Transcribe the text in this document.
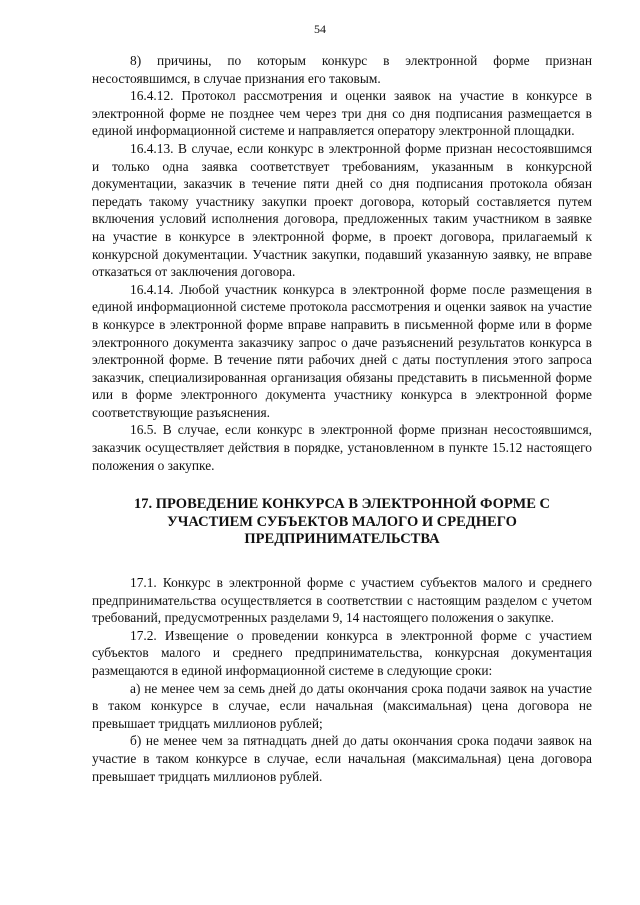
54

8) причины, по которым конкурс в электронной форме признан несостоявшимся, в случае признания его таковым.

16.4.12. Протокол рассмотрения и оценки заявок на участие в конкурсе в электронной форме не позднее чем через три дня со дня подписания размещается в единой информационной системе и направляется оператору электронной площадки.

16.4.13. В случае, если конкурс в электронной форме признан несостоявшимся и только одна заявка соответствует требованиям, указанным в конкурсной документации, заказчик в течение пяти дней со дня подписания протокола обязан передать такому участнику закупки проект договора, который составляется путем включения условий исполнения договора, предложенных таким участником в заявке на участие в конкурсе в электронной форме, в проект договора, прилагаемый к конкурсной документации. Участник закупки, подавший указанную заявку, не вправе отказаться от заключения договора.

16.4.14. Любой участник конкурса в электронной форме после размещения в единой информационной системе протокола рассмотрения и оценки заявок на участие в конкурсе в электронной форме вправе направить в письменной форме или в форме электронного документа заказчику запрос о даче разъяснений результатов конкурса в электронной форме. В течение пяти рабочих дней с даты поступления этого запроса заказчик, специализированная организация обязаны представить в письменной форме или в форме электронного документа участнику конкурса в электронной форме соответствующие разъяснения.

16.5. В случае, если конкурс в электронной форме признан несостоявшимся, заказчик осуществляет действия в порядке, установленном в пункте 15.12 настоящего положения о закупке.

17. ПРОВЕДЕНИЕ КОНКУРСА В ЭЛЕКТРОННОЙ ФОРМЕ С УЧАСТИЕМ СУБЪЕКТОВ МАЛОГО И СРЕДНЕГО ПРЕДПРИНИМАТЕЛЬСТВА

17.1. Конкурс в электронной форме с участием субъектов малого и среднего предпринимательства осуществляется в соответствии с настоящим разделом с учетом требований, предусмотренных разделами 9, 14 настоящего положения о закупке.

17.2. Извещение о проведении конкурса в электронной форме с участием субъектов малого и среднего предпринимательства, конкурсная документация размещаются в единой информационной системе в следующие сроки:

а) не менее чем за семь дней до даты окончания срока подачи заявок на участие в таком конкурсе в случае, если начальная (максимальная) цена договора не превышает тридцать миллионов рублей;

б) не менее чем за пятнадцать дней до даты окончания срока подачи заявок на участие в таком конкурсе в случае, если начальная (максимальная) цена договора превышает тридцать миллионов рублей.
